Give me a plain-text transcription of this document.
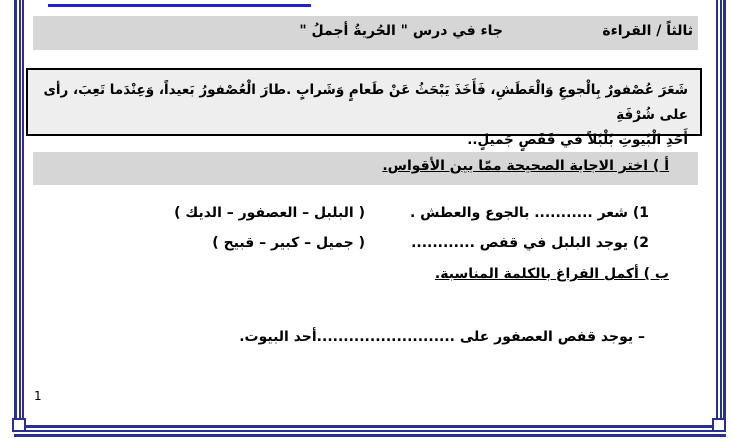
ثالثاً / القراءة
جاء في درس " الحُريةُ أجملُ "
شَعَرَ عُصْفورٌ بِالْجوعِ وَالْعَطَشِ، فَأَخَذَ يَبْحَثُ عَنْ طَعامٍ وَشَرابٍ .طارَ الْعُصْفورُ بَعيداً، وَعِنْدَما تَعِبَ، رأى على شُرْفَةِ
أَحَدِ الْبُيوتِ بُلْبُلاً في قَفَصٍ جَميلٍ..
أ ) اختر الاجابة الصحيحة ممّا بين الأقواس.
1) شعر ........... بالجوع والعطش .
( البلبل – العصفور – الديك )
2) يوجد البلبل في قفص ............
( جميل – كبير – قبيح )
ب ) أكمل الفراغ بالكلمة المناسبة.
– يوجد قفص العصفور على ..........................أحد البيوت.
1
